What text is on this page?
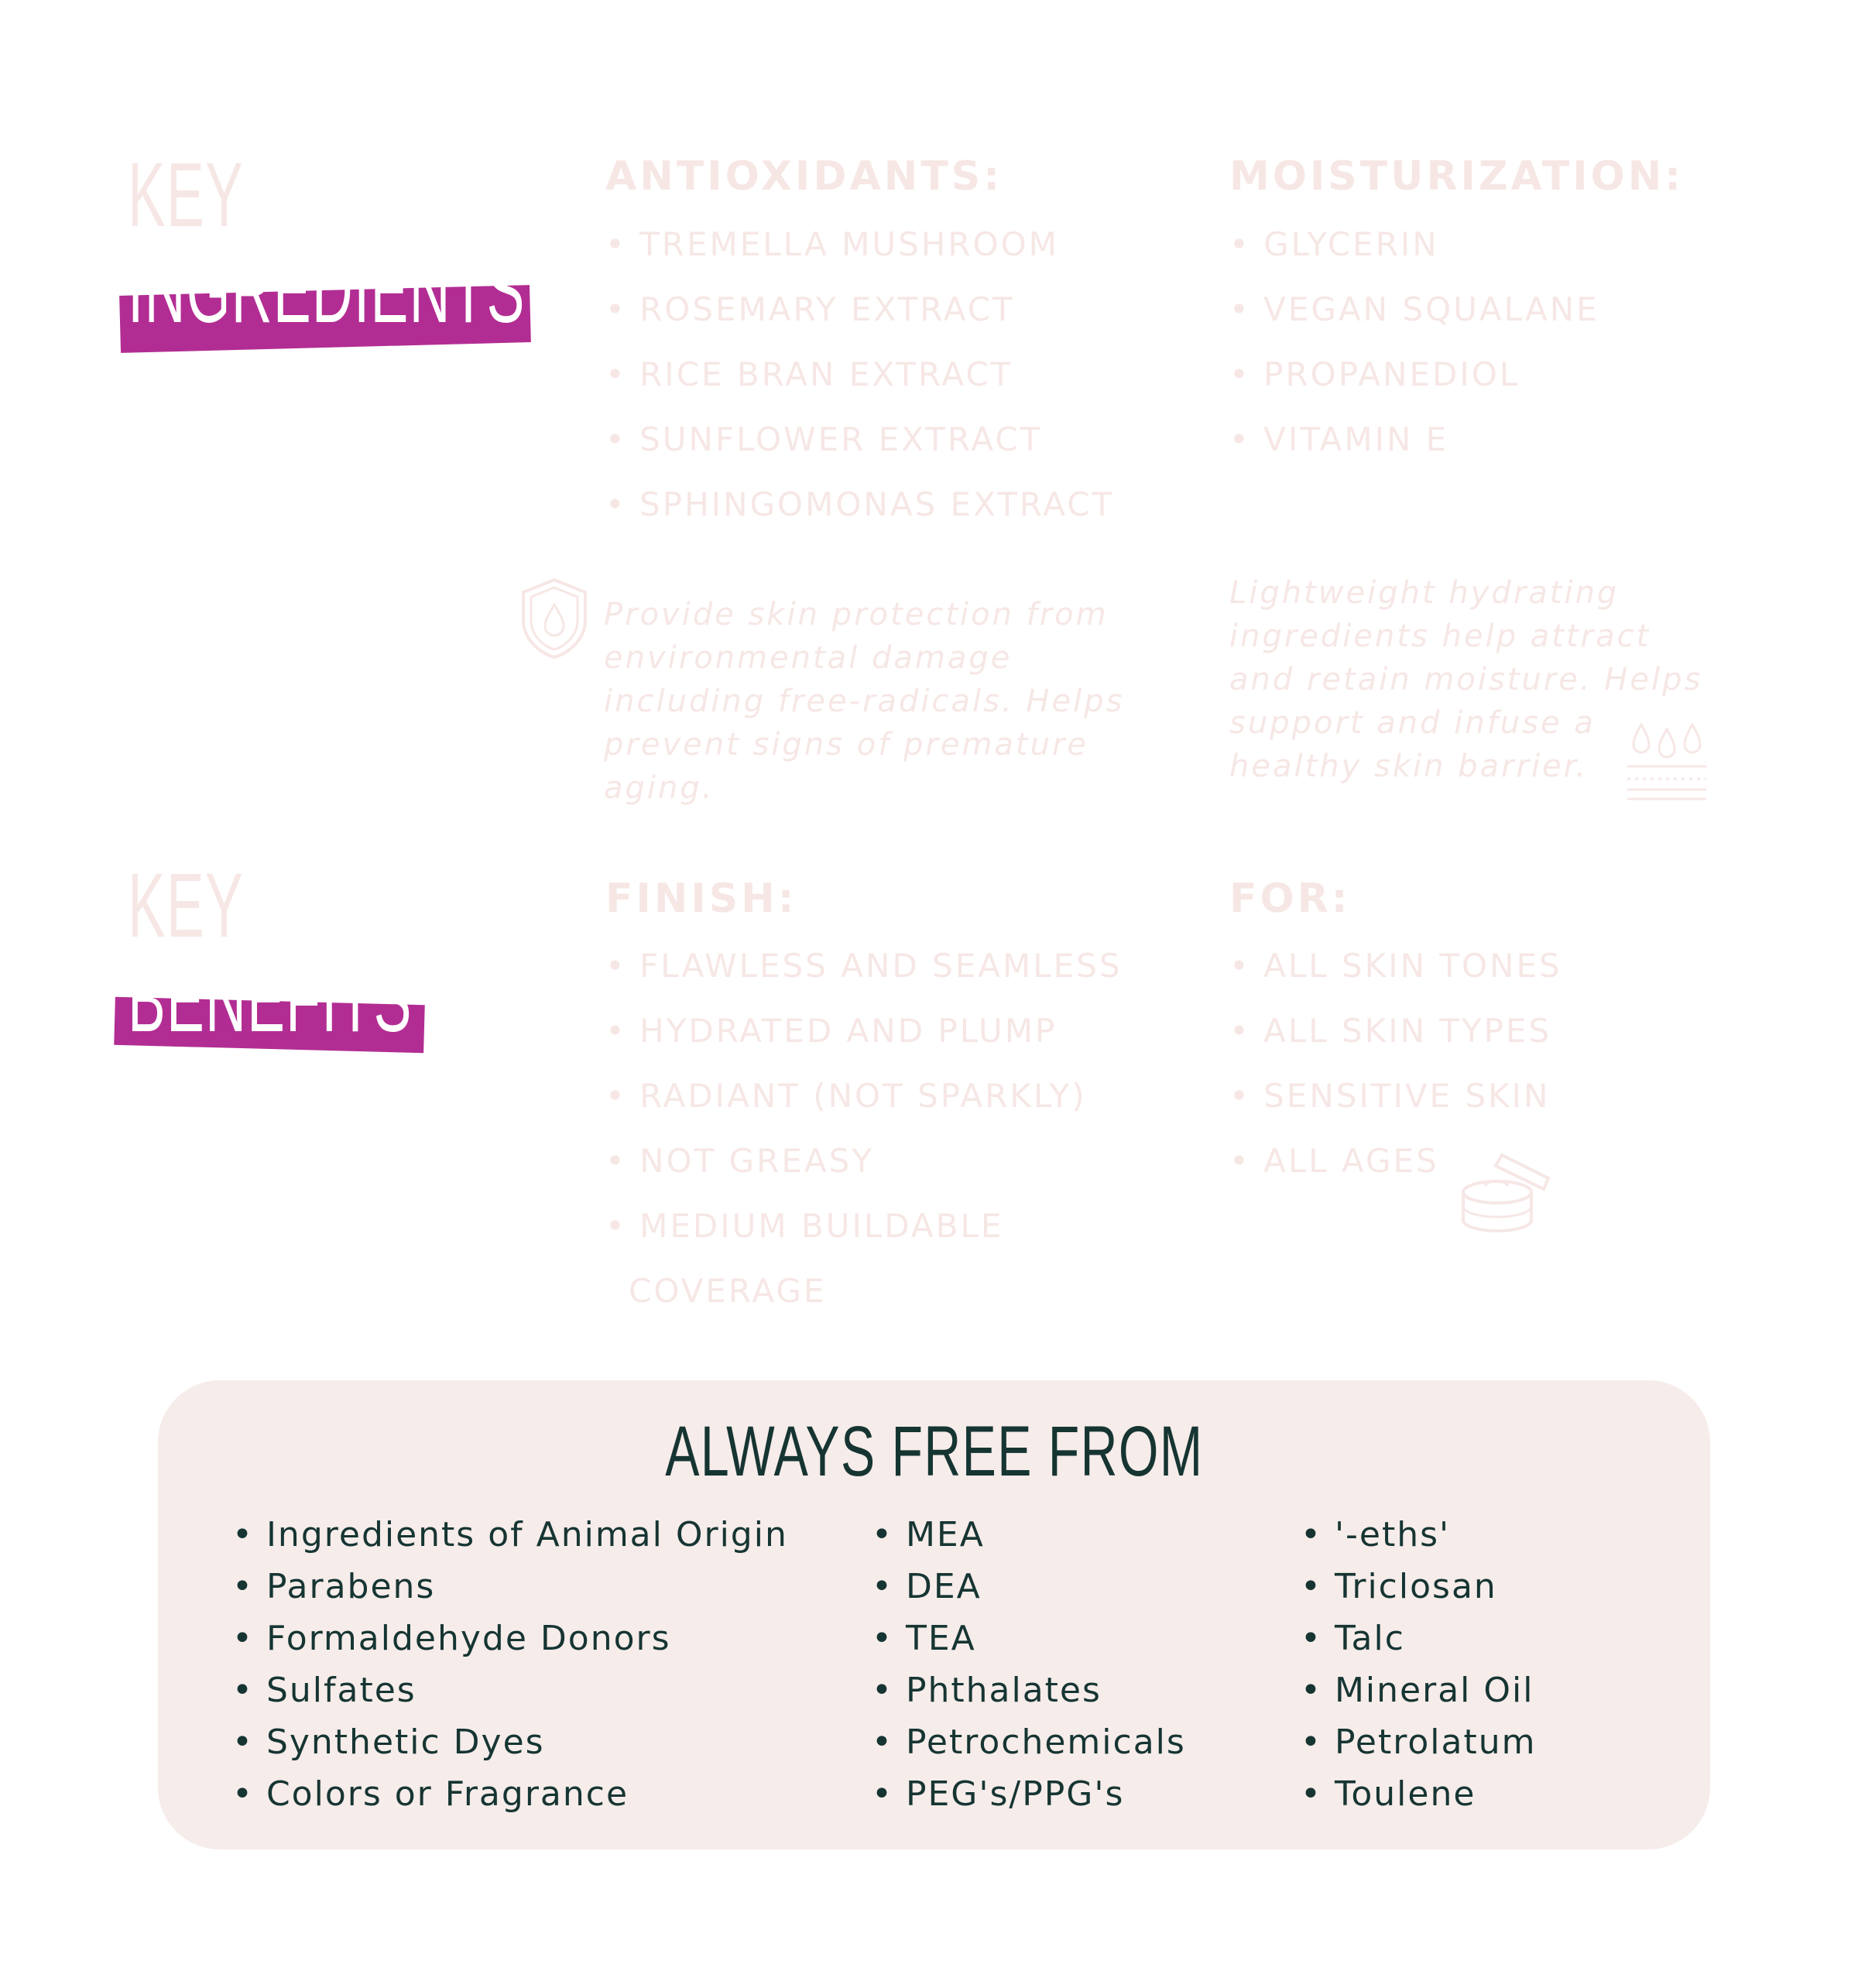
KEY
INGREDIENTS
ANTIOXIDANTS:
• TREMELLA MUSHROOM
• ROSEMARY EXTRACT
• RICE BRAN EXTRACT
• SUNFLOWER EXTRACT
• SPHINGOMONAS EXTRACT
Provide skin protection from environmental damage including free-radicals. Helps prevent signs of premature aging.
MOISTURIZATION:
• GLYCERIN
• VEGAN SQUALANE
• PROPANEDIOL
• VITAMIN E
Lightweight hydrating ingredients help attract and retain moisture. Helps support and infuse a healthy skin barrier.
KEY
BENEFITS
FINISH:
• FLAWLESS AND SEAMLESS
• HYDRATED AND PLUMP
• RADIANT (NOT SPARKLY)
• NOT GREASY
• MEDIUM BUILDABLE
COVERAGE
FOR:
• ALL SKIN TONES
• ALL SKIN TYPES
• SENSITIVE SKIN
• ALL AGES
ALWAYS FREE FROM
• Ingredients of Animal Origin
• Parabens
• Formaldehyde Donors
• Sulfates
• Synthetic Dyes
• Colors or Fragrance
• MEA
• DEA
• TEA
• Phthalates
• Petrochemicals
• PEG's/PPG's
• '-eths'
• Triclosan
• Talc
• Mineral Oil
• Petrolatum
• Toulene
